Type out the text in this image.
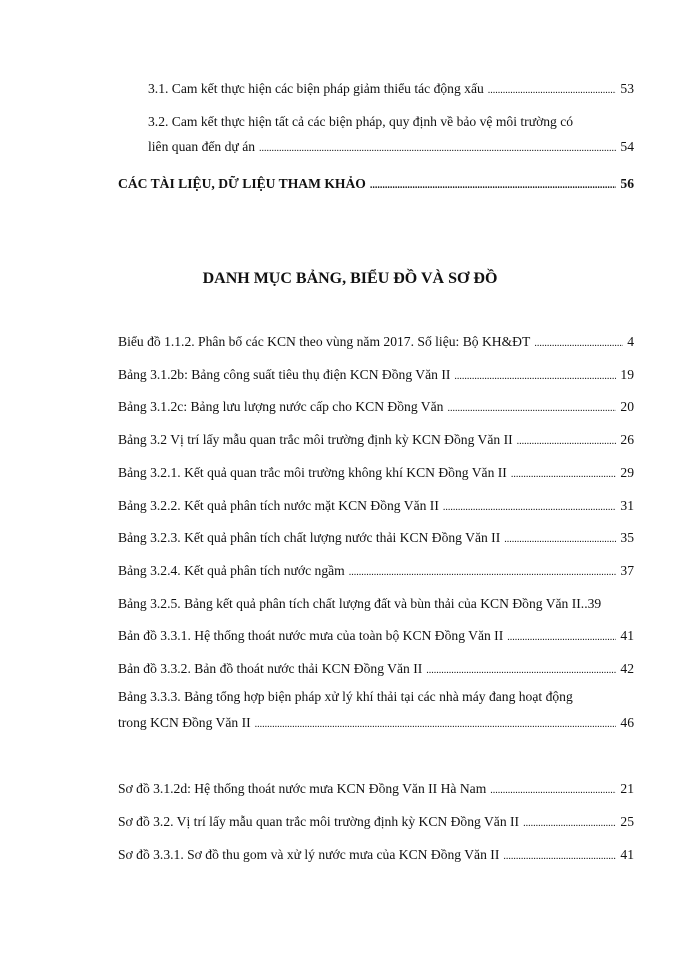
3.1. Cam kết thực hiện các biện pháp giảm thiểu tác động xấu .....	53
3.2. Cam kết thực hiện tất cả các biện pháp, quy định về bảo vệ môi trường có
liên quan đến dự án .....	54
CÁC TÀI LIỆU, DỮ LIỆU THAM KHẢO .....	56
DANH MỤC BẢNG, BIỂU ĐỒ VÀ SƠ ĐỒ
Biểu đồ 1.1.2. Phân bố các KCN theo vùng năm 2017. Số liệu: Bộ KH&ĐT .....	4
Bảng 3.1.2b: Bảng công suất tiêu thụ điện KCN Đồng Văn II .....	19
Bảng 3.1.2c: Bảng lưu lượng nước cấp cho KCN Đồng Văn .....	20
Bảng 3.2 Vị trí lấy mẫu quan trắc môi trường định kỳ KCN Đồng Văn II .....	26
Bảng 3.2.1. Kết quả quan trắc môi trường không khí KCN Đồng Văn II .....	29
Bảng 3.2.2. Kết quả phân tích nước mặt KCN Đồng Văn II .....	31
Bảng 3.2.3. Kết quả phân tích chất lượng nước thải KCN Đồng Văn II .....	35
Bảng 3.2.4. Kết quả phân tích nước ngầm .....	37
Bảng 3.2.5. Bảng kết quả phân tích chất lượng đất và bùn thải của KCN Đồng Văn II..39
Bản đồ 3.3.1. Hệ thống thoát nước mưa của toàn bộ KCN Đồng Văn II .....	41
Bản đồ 3.3.2. Bản đồ thoát nước thải KCN Đồng Văn II .....	42
Bảng 3.3.3. Bảng tổng hợp biện pháp xử lý khí thải tại các nhà máy đang hoạt động
trong KCN Đồng Văn II .....	46
Sơ đồ 3.1.2d: Hệ thống thoát nước mưa KCN Đồng Văn II Hà Nam .....	21
Sơ đồ 3.2. Vị trí lấy mẫu quan trắc môi trường định kỳ KCN Đồng Văn II .....	25
Sơ đồ 3.3.1. Sơ đồ thu gom và xử lý nước mưa của KCN Đồng Văn II .....	41
